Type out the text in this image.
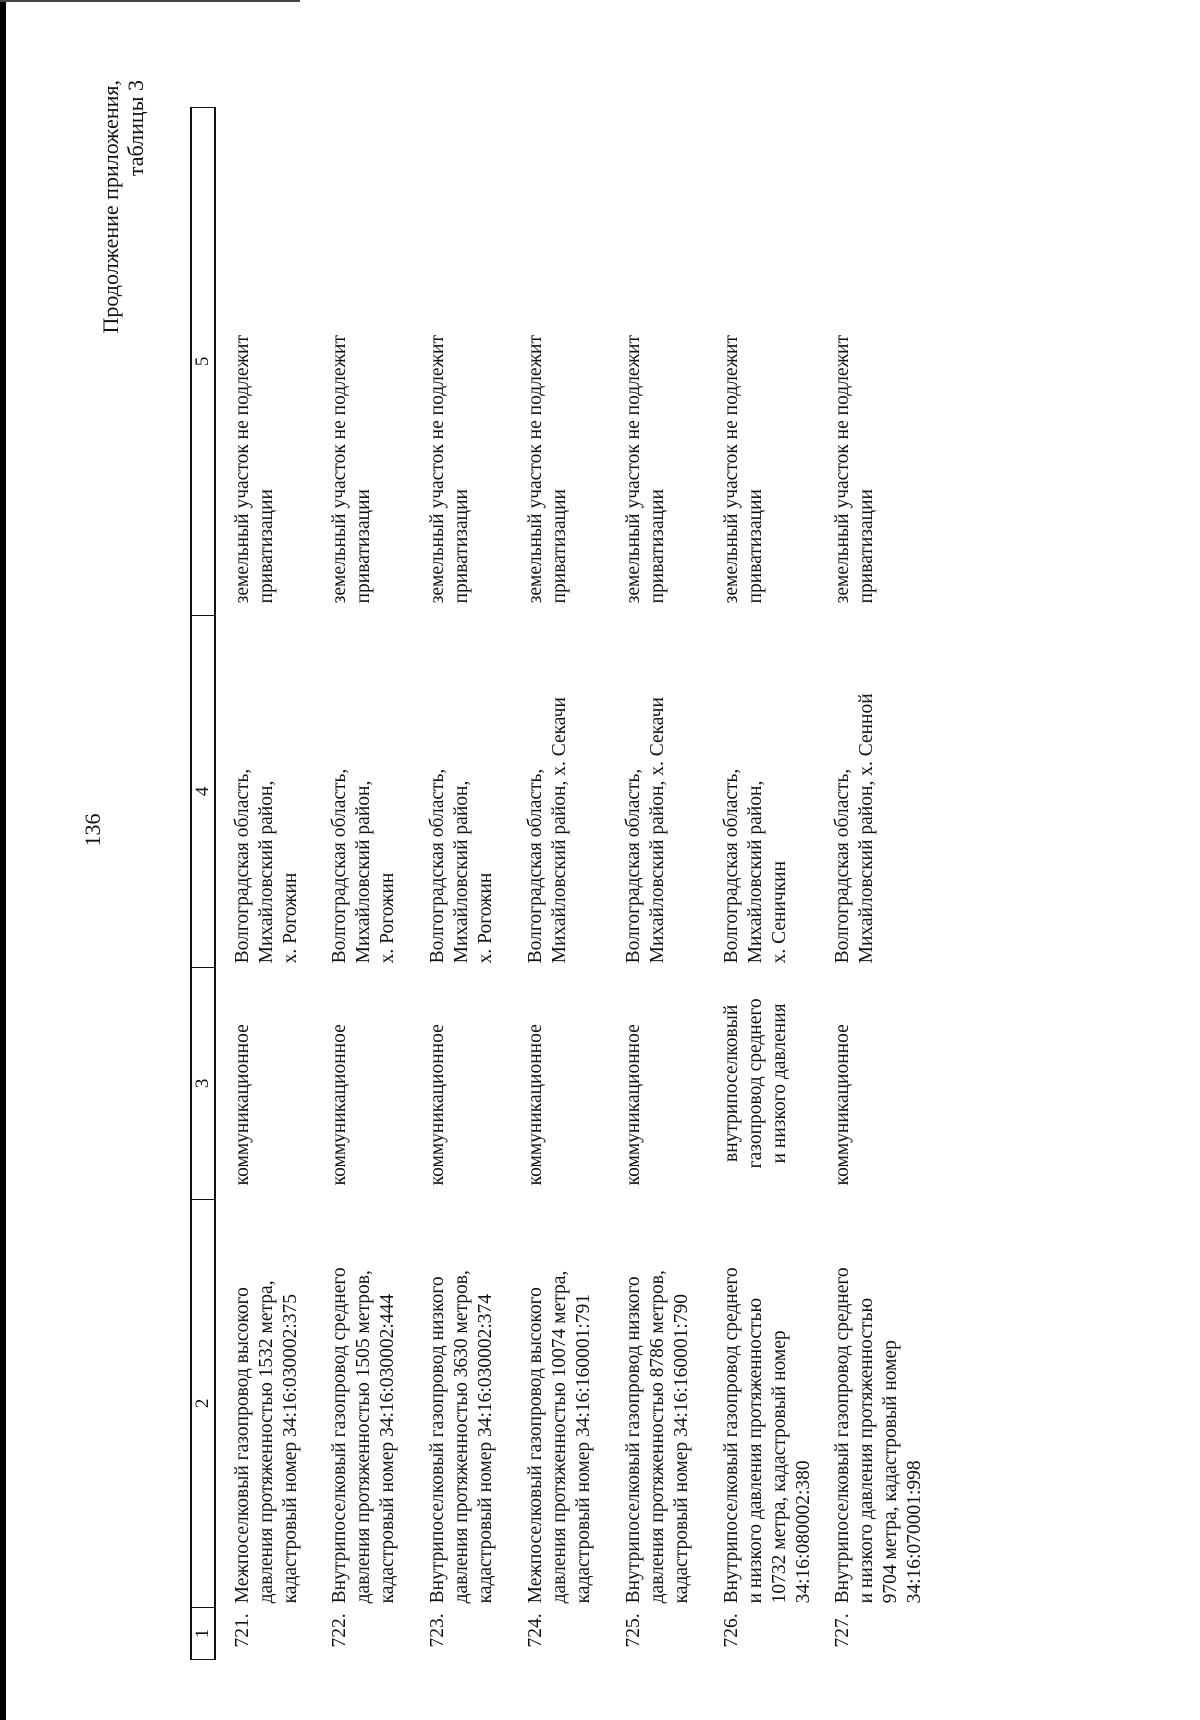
136
Продолжение приложения, таблицы 3
1	2	3	4	5
721.	Межпоселковый газопровод высокого
давления протяженностью 1532 метра,
кадастровый номер 34:16:030002:375	коммуникационное	Волгоградская область,
Михайловский район,
х. Рогожин	земельный участок не подлежит
приватизации
722.	Внутрипоселковый газопровод среднего
давления протяженностью 1505 метров,
кадастровый номер 34:16:030002:444	коммуникационное	Волгоградская область,
Михайловский район,
х. Рогожин	земельный участок не подлежит
приватизации
723.	Внутрипоселковый газопровод низкого
давления протяженностью 3630 метров,
кадастровый номер 34:16:030002:374	коммуникационное	Волгоградская область,
Михайловский район,
х. Рогожин	земельный участок не подлежит
приватизации
724.	Межпоселковый газопровод высокого
давления протяженностью 10074 метра,
кадастровый номер 34:16:160001:791	коммуникационное	Волгоградская область,
Михайловский район, х. Секачи	земельный участок не подлежит
приватизации
725.	Внутрипоселковый газопровод низкого
давления протяженностью 8786 метров,
кадастровый номер 34:16:160001:790	коммуникационное	Волгоградская область,
Михайловский район, х. Секачи	земельный участок не подлежит
приватизации
726.	Внутрипоселковый газопровод среднего
и низкого давления протяженностью
10732 метра, кадастровый номер
34:16:080002:380	внутрипоселковый
газопровод среднего
и низкого давления	Волгоградская область,
Михайловский район,
х. Сеничкин	земельный участок не подлежит
приватизации
727.	Внутрипоселковый газопровод среднего
и низкого давления протяженностью
9704 метра, кадастровый номер
34:16:070001:998	коммуникационное	Волгоградская область,
Михайловский район, х. Сенной	земельный участок не подлежит
приватизации
